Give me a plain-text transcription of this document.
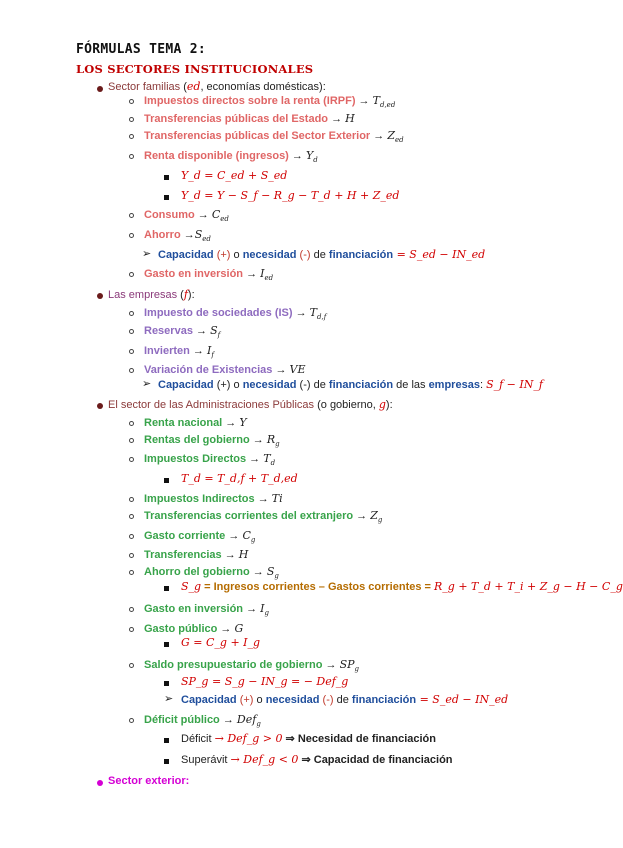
FÓRMULAS TEMA 2:
LOS SECTORES INSTITUCIONALES
Sector familias (ed, economías domésticas):
Impuestos directos sobre la renta (IRPF) → $T_{d,ed}$
Transferencias públicas del Estado → H
Transferencias públicas del Sector Exterior → $Z_{ed}$
Renta disponible (ingresos) → $Y_d$
Y_d = C_ed + S_ed
Y_d = Y − S_f − R_g − T_d + H + Z_ed
Consumo → $C_{ed}$
Ahorro $\to S_{ed}$
➢ Capacidad (+) o necesidad (-) de financiación = S_ed − IN_ed
Gasto en inversión → $I_{ed}$
Las empresas (f):
Impuesto de sociedades $(IS) \to T_{d,f}$
Reservas → $S_f$
Invierten → $I_f$
Variación de Existencias → VE
➢ Capacidad (+) o necesidad (-) de financiación de las empresas: S_f − IN_f
El sector de las Administraciones Públicas (o gobierno, g):
Renta nacional → Y
Rentas del gobierno → $R_g$
Impuestos Directos → $T_d$
T_d = T_d,f + T_d,ed
Impuestos Indirectos → Ti
Transferencias corrientes del extranjero → $Z_g$
Gasto corriente → $C_g$
Transferencias → H
Ahorro del gobierno → $S_g$
S_g = Ingresos corrientes – Gastos corrientes = R_g + T_d + T_i + Z_g − H − C_g
Gasto en inversión → $I_g$
Gasto público → G
G = C_g + I_g
Saldo presupuestario de gobierno → $SP_g$
SP_g = S_g − IN_g = − Def_g
➢ Capacidad (+) o necesidad (-) de financiación = S_ed − IN_ed
Déficit público → Def$_g$
Déficit → Def_g > 0 ⇒ Necesidad de financiación
Superávit → Def_g < 0 ⇒ Capacidad de financiación
Sector exterior:
